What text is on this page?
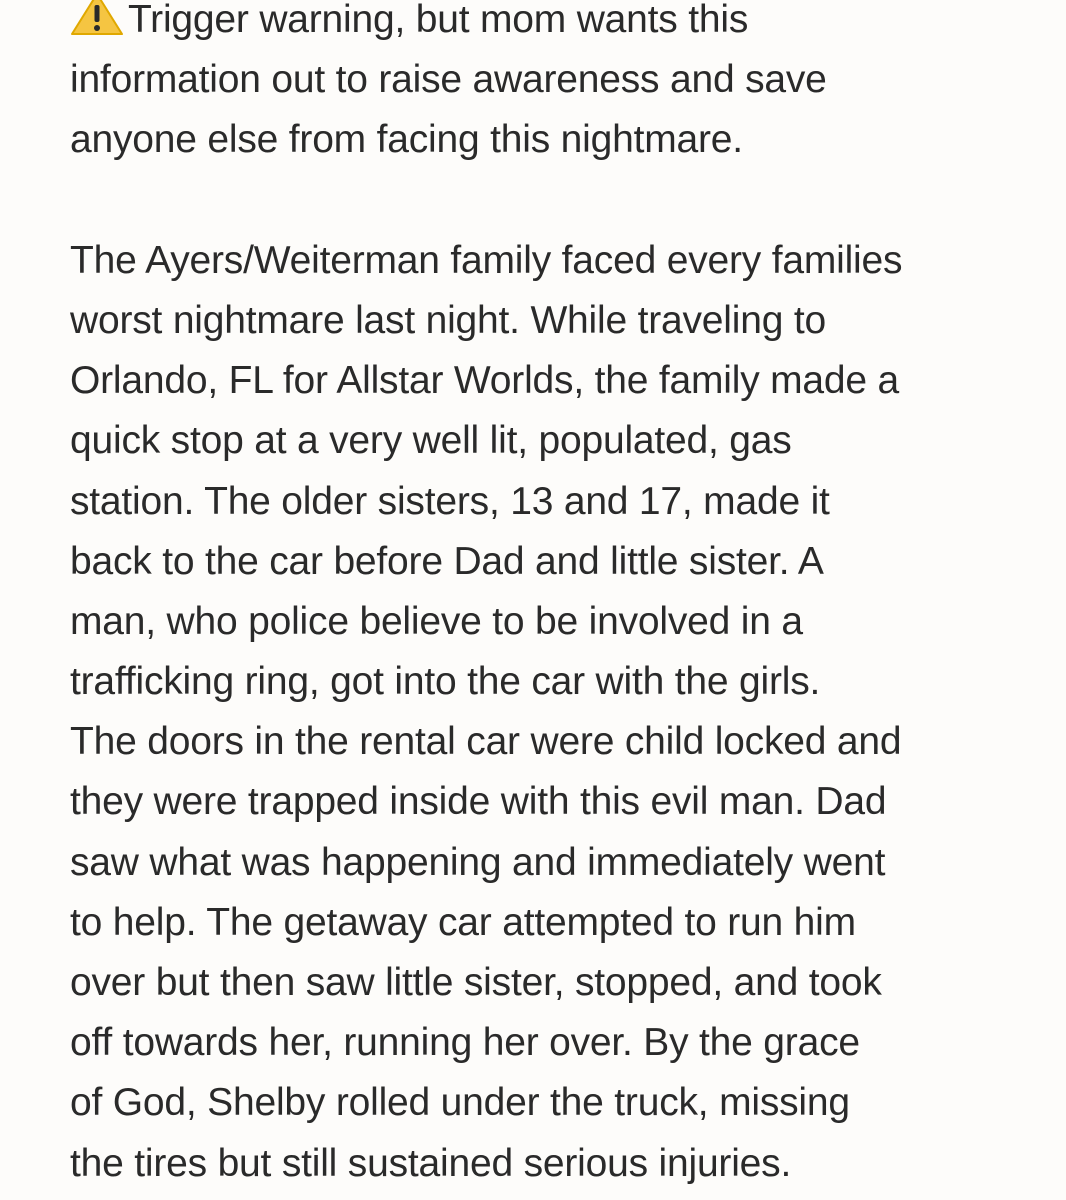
Trigger warning, but mom wants this
information out to raise awareness and save
anyone else from facing this nightmare.
The Ayers/Weiterman family faced every families
worst nightmare last night. While traveling to
Orlando, FL for Allstar Worlds, the family made a
quick stop at a very well lit, populated, gas
station. The older sisters, 13 and 17, made it
back to the car before Dad and little sister. A
man, who police believe to be involved in a
trafficking ring, got into the car with the girls.
The doors in the rental car were child locked and
they were trapped inside with this evil man. Dad
saw what was happening and immediately went
to help. The getaway car attempted to run him
over but then saw little sister, stopped, and took
off towards her, running her over. By the grace
of God, Shelby rolled under the truck, missing
the tires but still sustained serious injuries.
